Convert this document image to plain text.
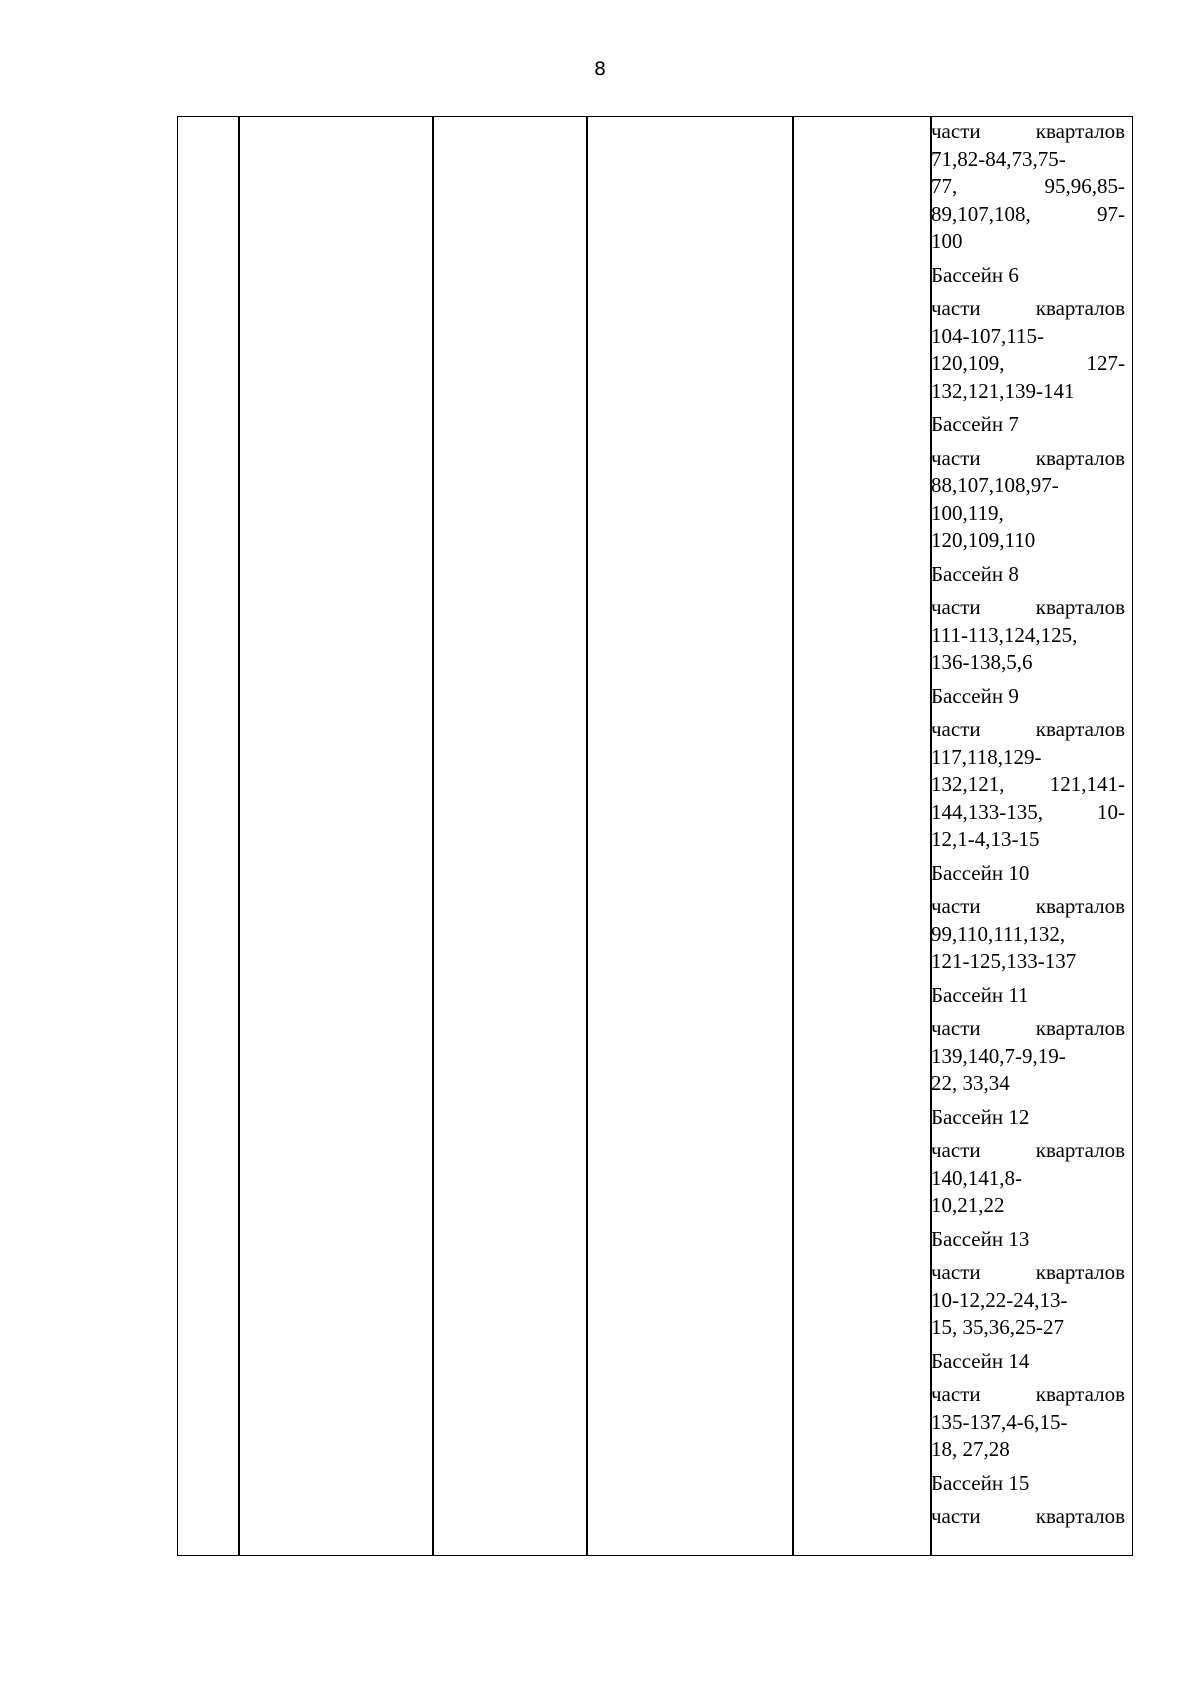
8
части	кварталов
71,82-84,73,75-
77,	95,96,85-
89,107,108,	97-
100
Бассейн 6
части	кварталов
104-107,115-
120,109,	127-
132,121,139-141
Бассейн 7
части	кварталов
88,107,108,97-
100,119,
120,109,110
Бассейн 8
части	кварталов
111-113,124,125,
136-138,5,6
Бассейн 9
части	кварталов
117,118,129-
132,121, 121,141-
144,133-135,	10-
12,1-4,13-15
Бассейн 10
части	кварталов
99,110,111,132,
121-125,133-137
Бассейн 11
части	кварталов
139,140,7-9,19-
22, 33,34
Бассейн 12
части	кварталов
140,141,8-
10,21,22
Бассейн 13
части	кварталов
10-12,22-24,13-
15, 35,36,25-27
Бассейн 14
части	кварталов
135-137,4-6,15-
18, 27,28
Бассейн 15
части	кварталов
